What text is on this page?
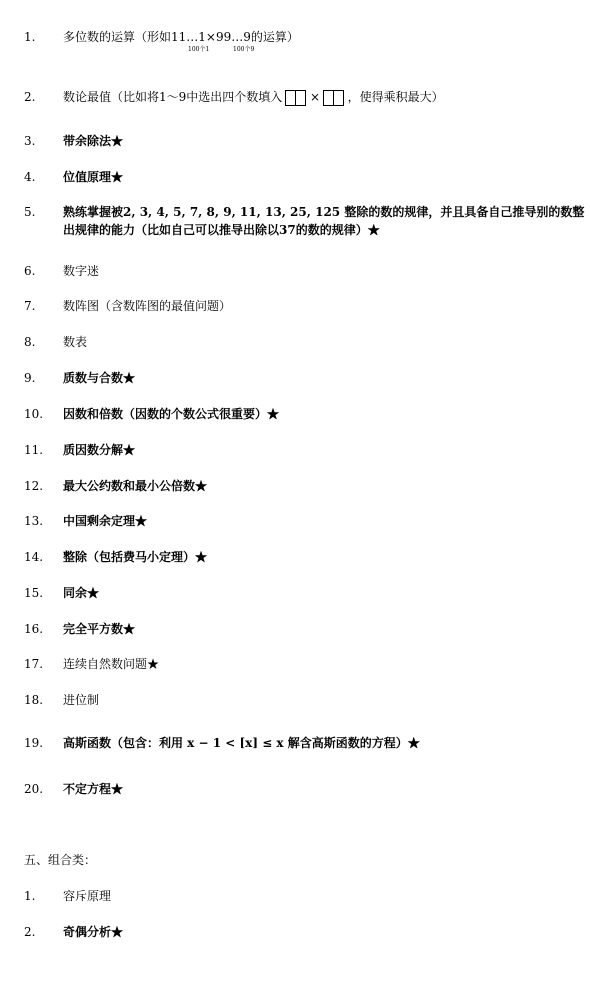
1. 多位数的运算（形如11…1×99…9的运算）
100个1	100个9
2. 数论最值（比如将1～9中选出四个数填入 × ，使得乘积最大）
3. 带余除法★
4. 位值原理★
5. 熟练掌握被2, 3, 4, 5, 7, 8, 9, 11, 13, 25, 125 整除的数的规律，并且具备自己推导别的数整
出规律的能力（比如自己可以推导出除以37的数的规律）★
6. 数字迷
7. 数阵图（含数阵图的最值问题）
8. 数表
9. 质数与合数★
10. 因数和倍数（因数的个数公式很重要）★
11. 质因数分解★
12. 最大公约数和最小公倍数★
13. 中国剩余定理★
14. 整除（包括费马小定理）★
15. 同余★
16. 完全平方数★
17. 连续自然数问题★
18. 进位制
19. 高斯函数（包含：利用 x − 1 < [x] ≤ x 解含高斯函数的方程）★
20. 不定方程★
五、组合类：
1. 容斥原理
2. 奇偶分析★
